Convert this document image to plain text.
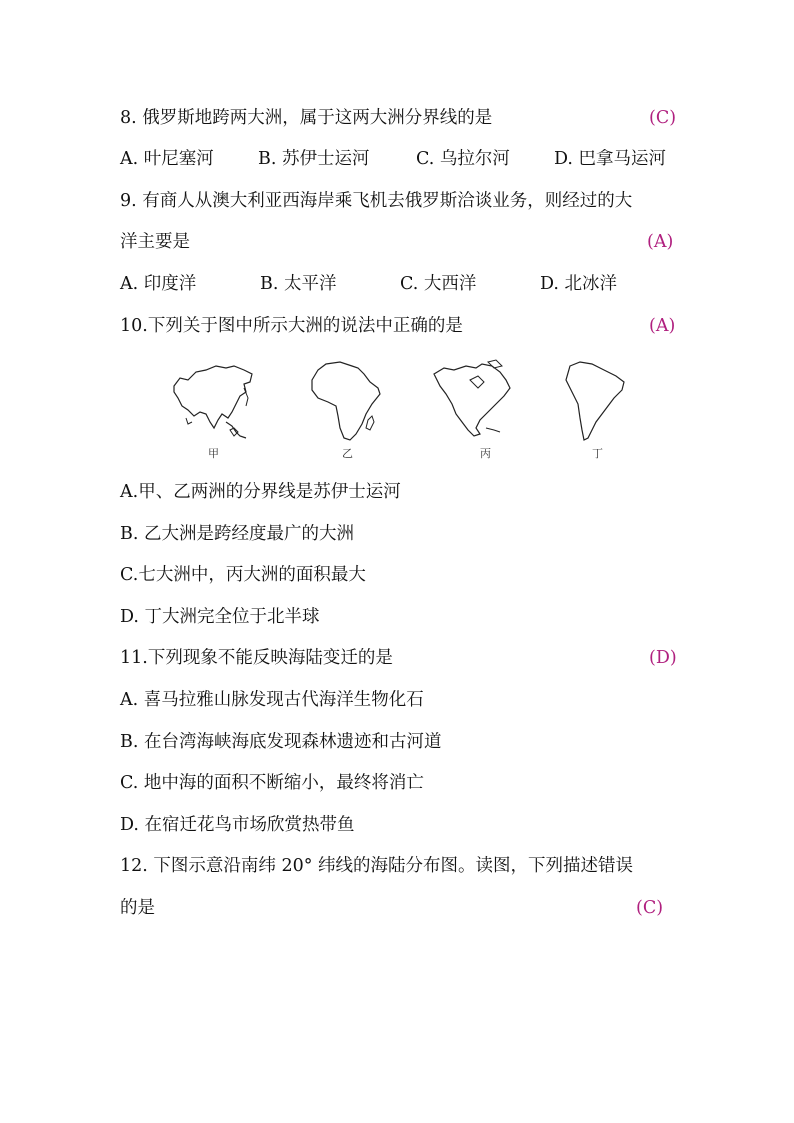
8. 俄罗斯地跨两大洲，属于这两大洲分界线的是	(C)
A. 叶尼塞河	B. 苏伊士运河	C. 乌拉尔河	D. 巴拿马运河
9. 有商人从澳大利亚西海岸乘飞机去俄罗斯洽谈业务，则经过的大
洋主要是	(A)
A. 印度洋	B. 太平洋	C. 大西洋	D. 北冰洋
10.下列关于图中所示大洲的说法中正确的是	(A)
甲	乙	丙	丁
A.甲、乙两洲的分界线是苏伊士运河
B. 乙大洲是跨经度最广的大洲
C.七大洲中，丙大洲的面积最大
D. 丁大洲完全位于北半球
11.下列现象不能反映海陆变迁的是	(D)
A. 喜马拉雅山脉发现古代海洋生物化石
B. 在台湾海峡海底发现森林遗迹和古河道
C. 地中海的面积不断缩小，最终将消亡
D. 在宿迁花鸟市场欣赏热带鱼
12. 下图示意沿南纬 20° 纬线的海陆分布图。读图，下列描述错误
的是	(C)
